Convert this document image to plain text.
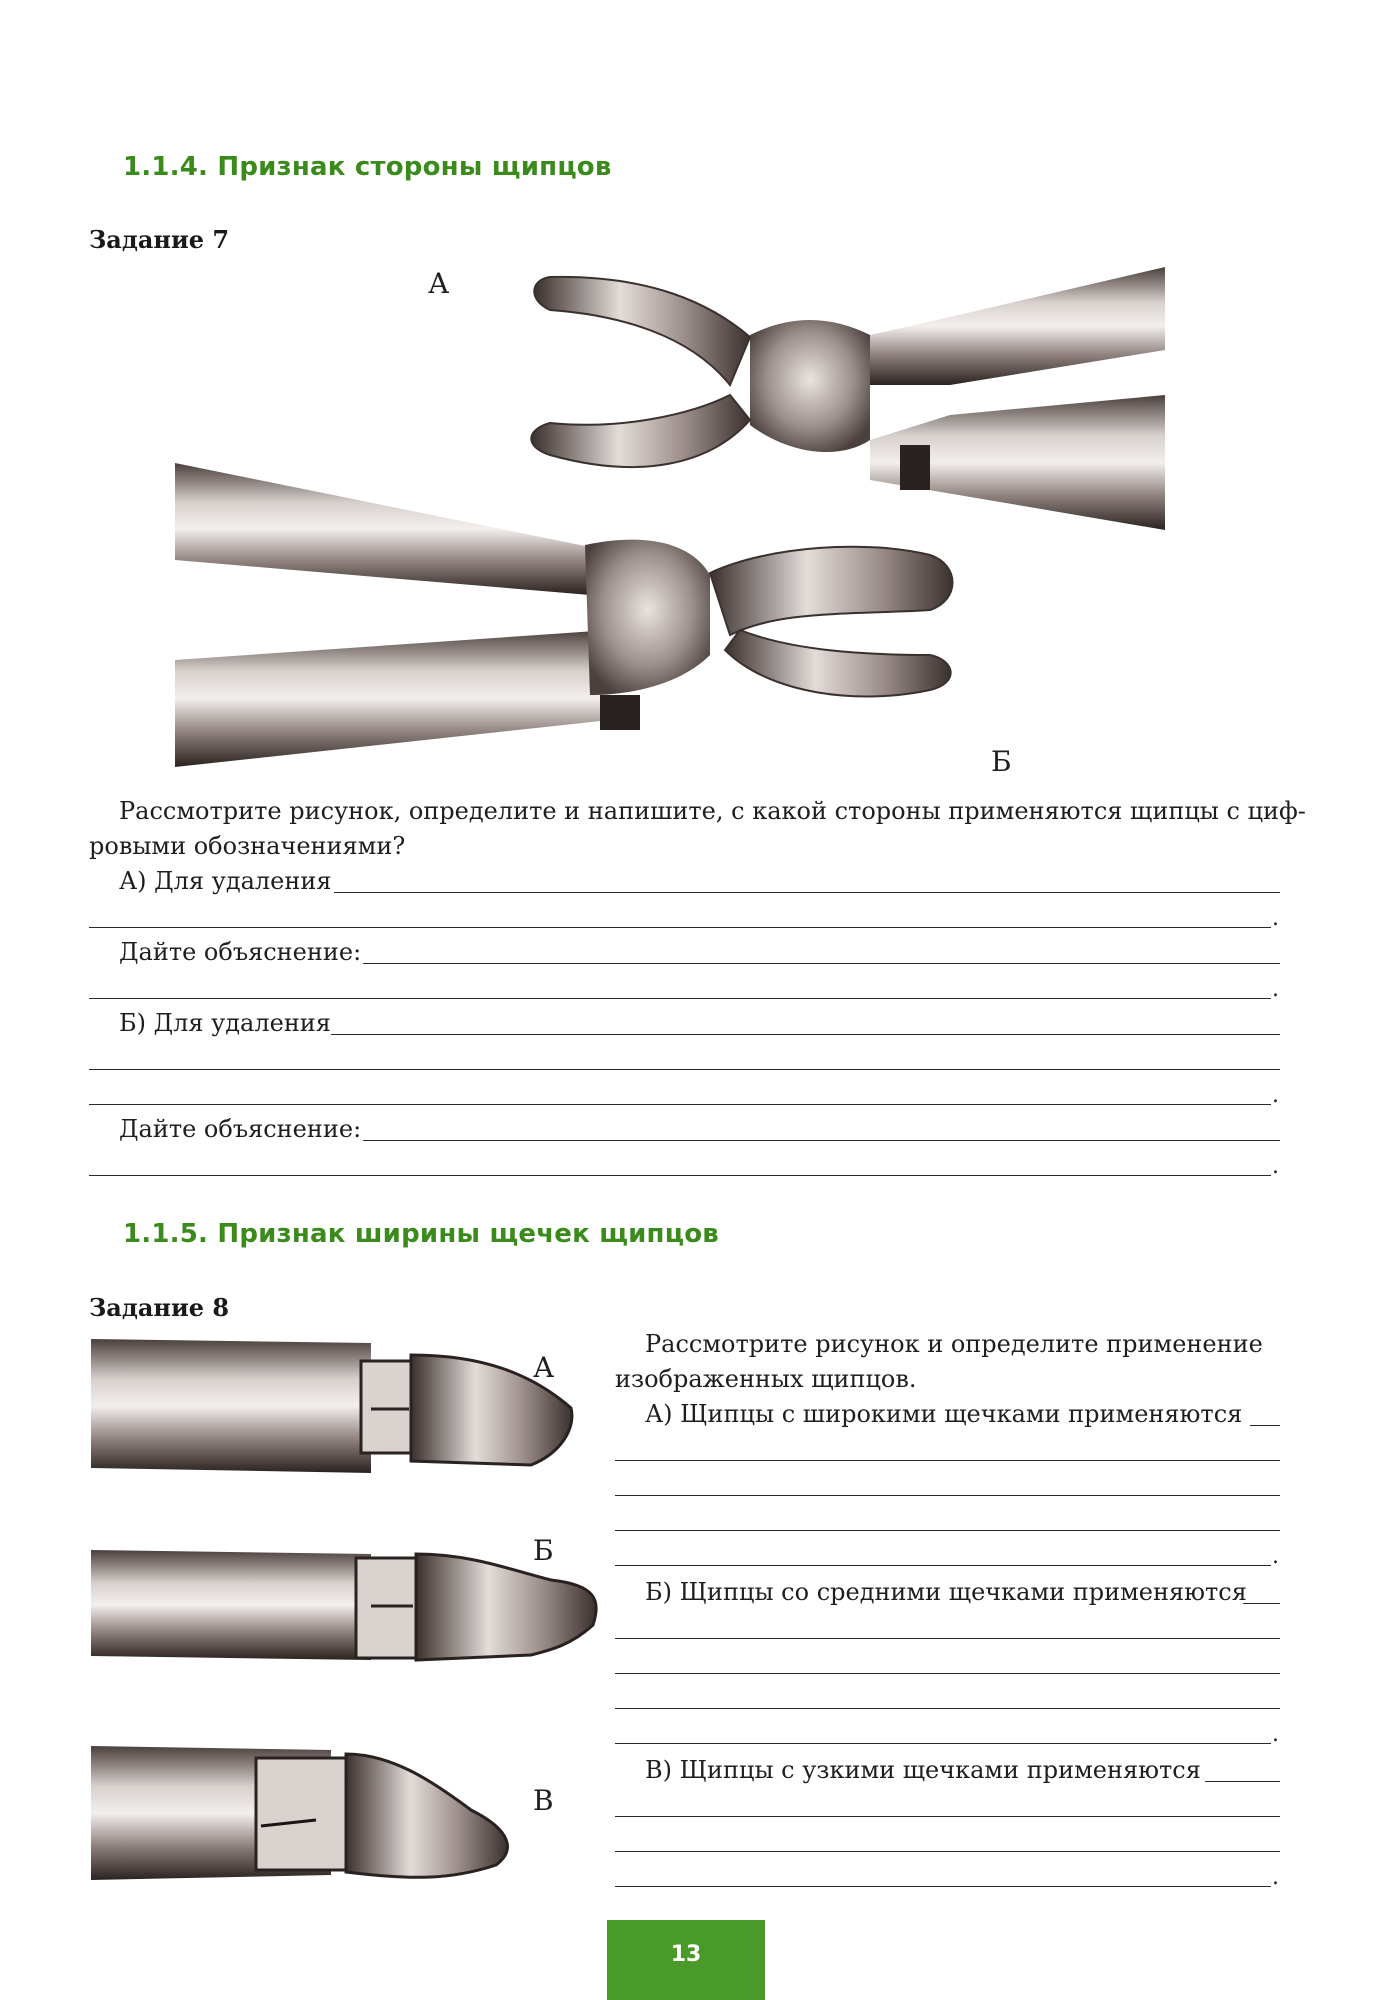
1.1.4. Признак стороны щипцов
Задание 7
А
Б
Рассмотрите рисунок, определите и напишите, с какой стороны применяются щипцы с циф-
ровыми обозначениями?
А) Для удаления
.
Дайте объяснение:
.
Б) Для удаления
.
Дайте объяснение:
.
1.1.5. Признак ширины щечек щипцов
Задание 8
А
Б
В
Рассмотрите рисунок и определите применение
изображенных щипцов.
А) Щипцы с широкими щечками применяются
.
Б) Щипцы со средними щечками применяются
.
В) Щипцы с узкими щечками применяются
.
13
